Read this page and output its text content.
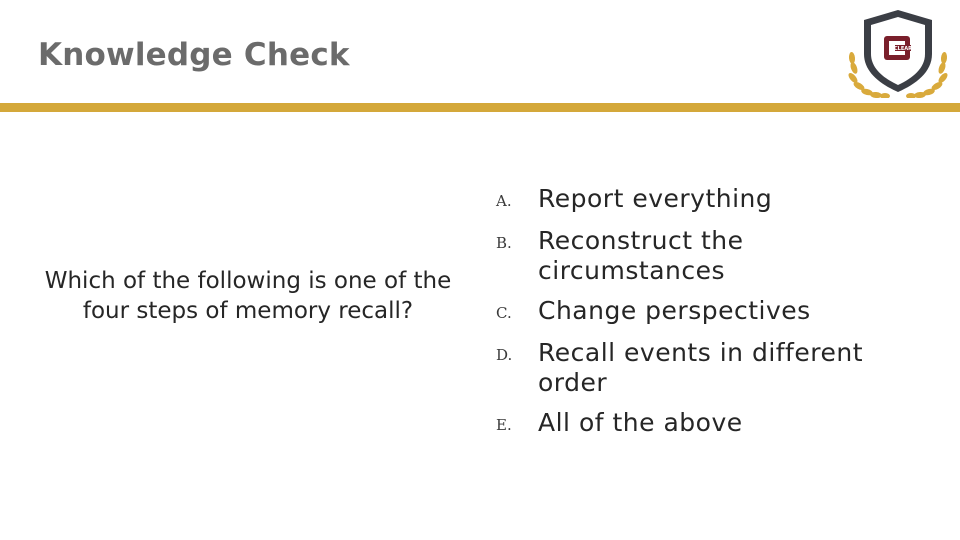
Knowledge Check	CLEAR
Which of the following is one of the four steps of memory recall?
A.	Report everything
B.	Reconstruct the circumstances
C.	Change perspectives
D.	Recall events in different order
E.	All of the above
